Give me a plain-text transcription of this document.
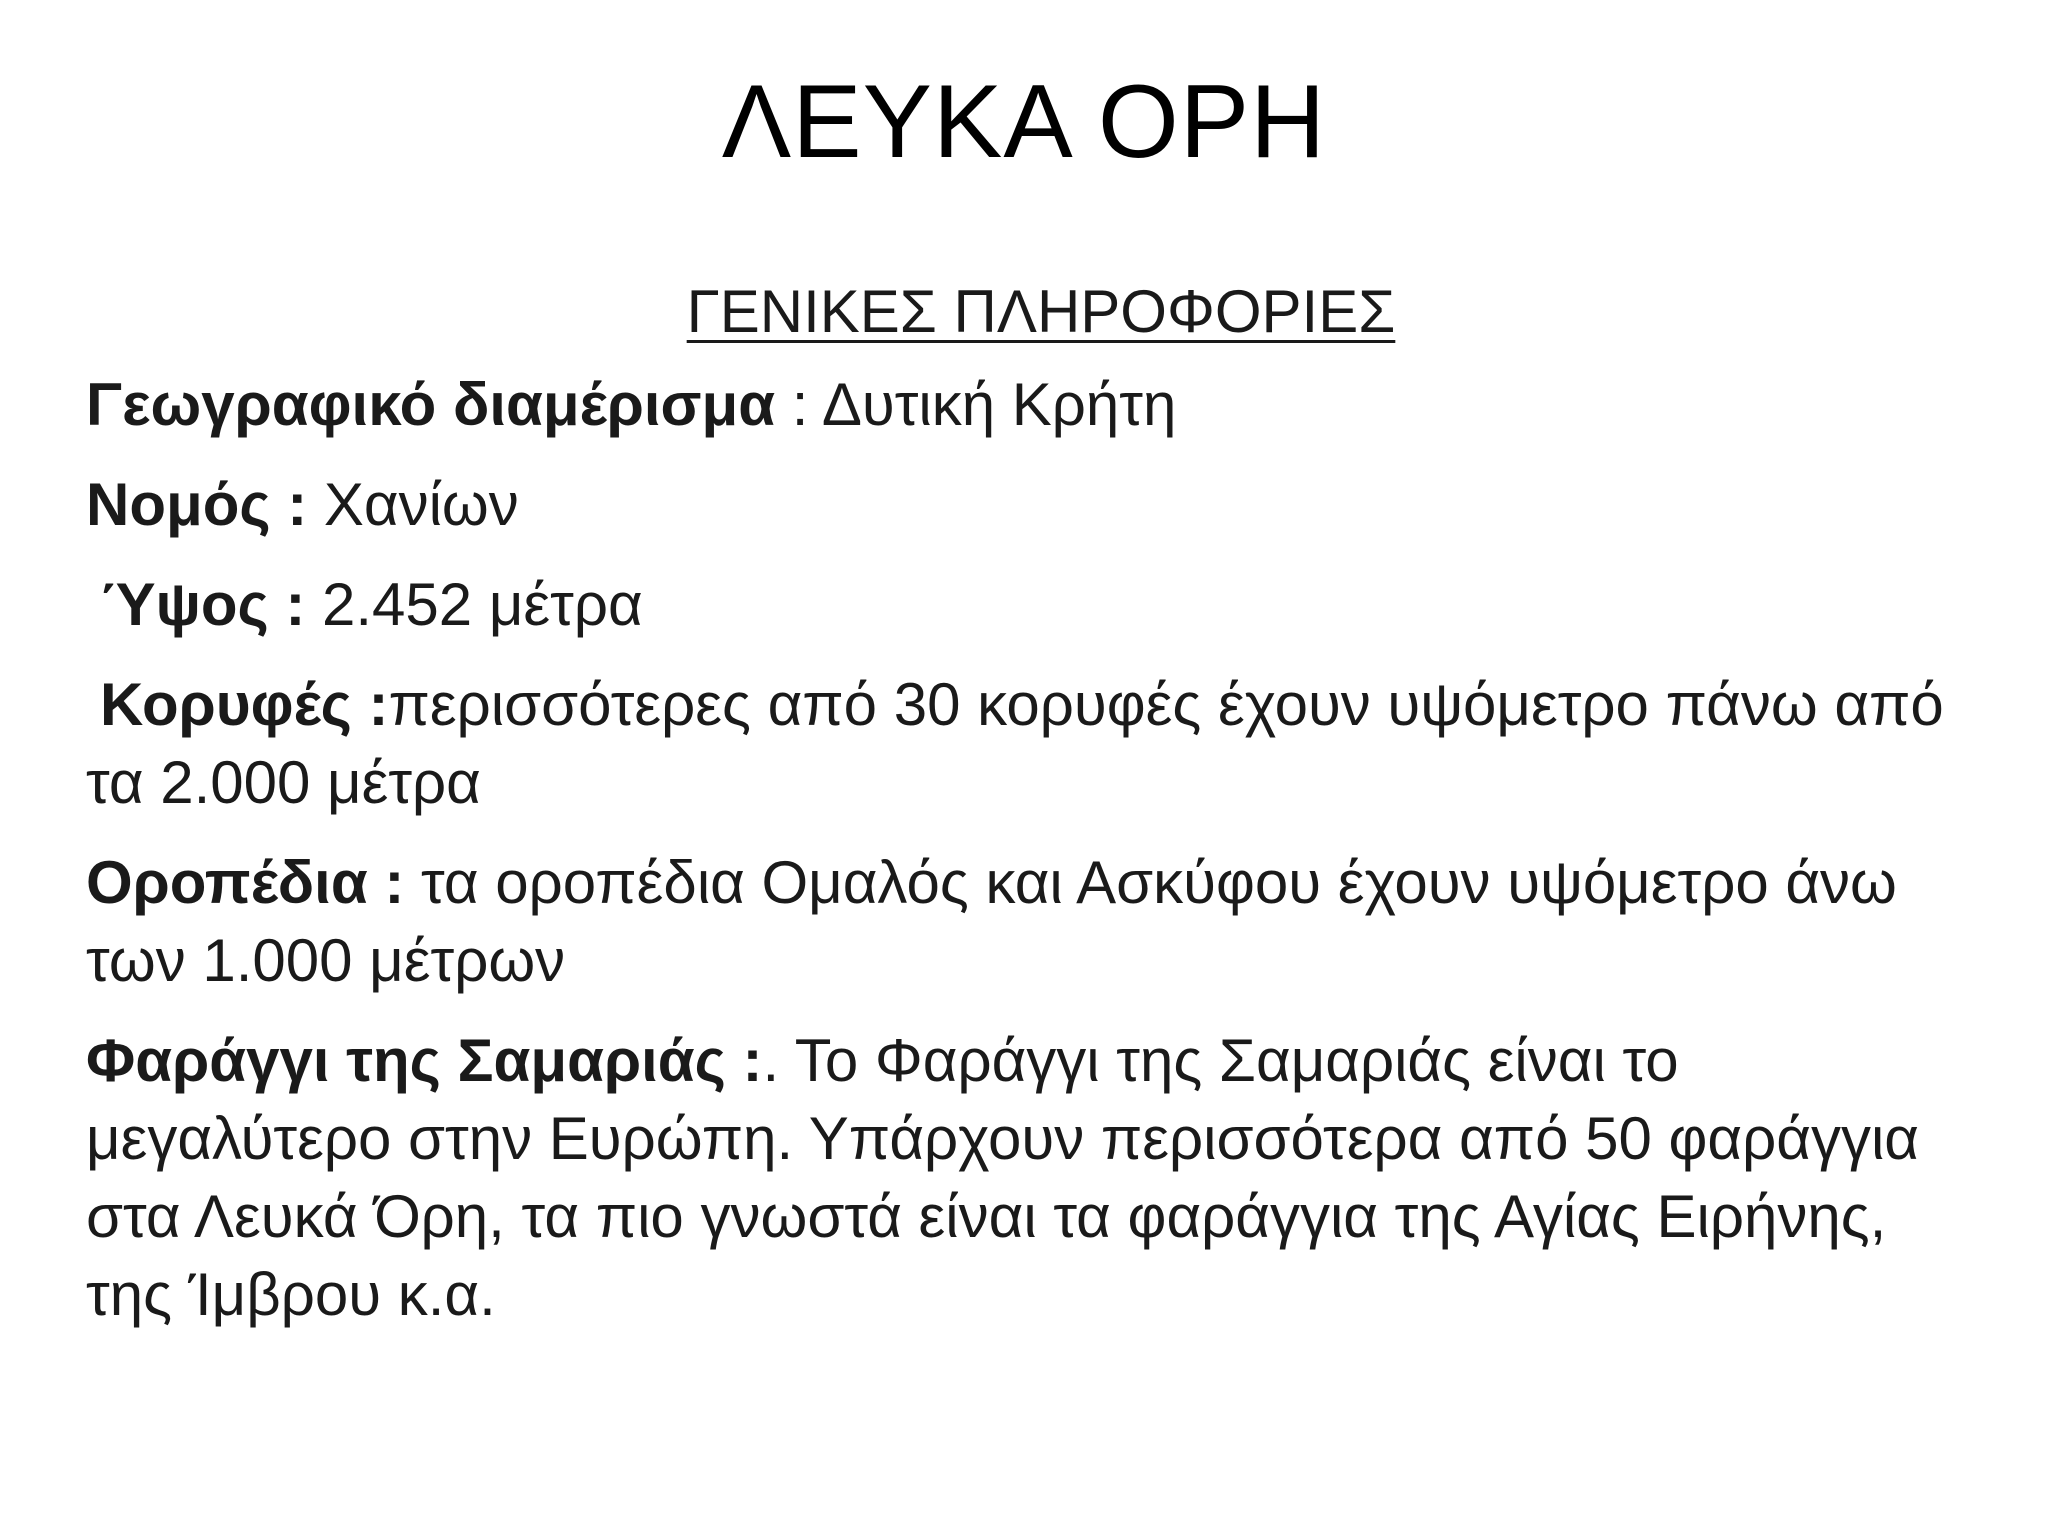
ΛΕΥΚΑ ΟΡΗ

ΓΕΝΙΚΕΣ ΠΛΗΡΟΦΟΡΙΕΣ

Γεωγραφικό διαμέρισμα : Δυτική Κρήτη

Νομός : Χανίων

Ύψος : 2.452 μέτρα

Κορυφές :περισσότερες από 30 κορυφές έχουν υψόμετρο πάνω από τα 2.000 μέτρα

Οροπέδια : τα οροπέδια Ομαλός και Ασκύφου έχουν υψόμετρο άνω των 1.000 μέτρων

Φαράγγι της Σαμαριάς :. Το Φαράγγι της Σαμαριάς είναι το μεγαλύτερο στην Ευρώπη. Υπάρχουν περισσότερα από 50 φαράγγια στα Λευκά Όρη, τα πιο γνωστά είναι τα φαράγγια της Αγίας Ειρήνης, της Ίμβρου κ.α.
